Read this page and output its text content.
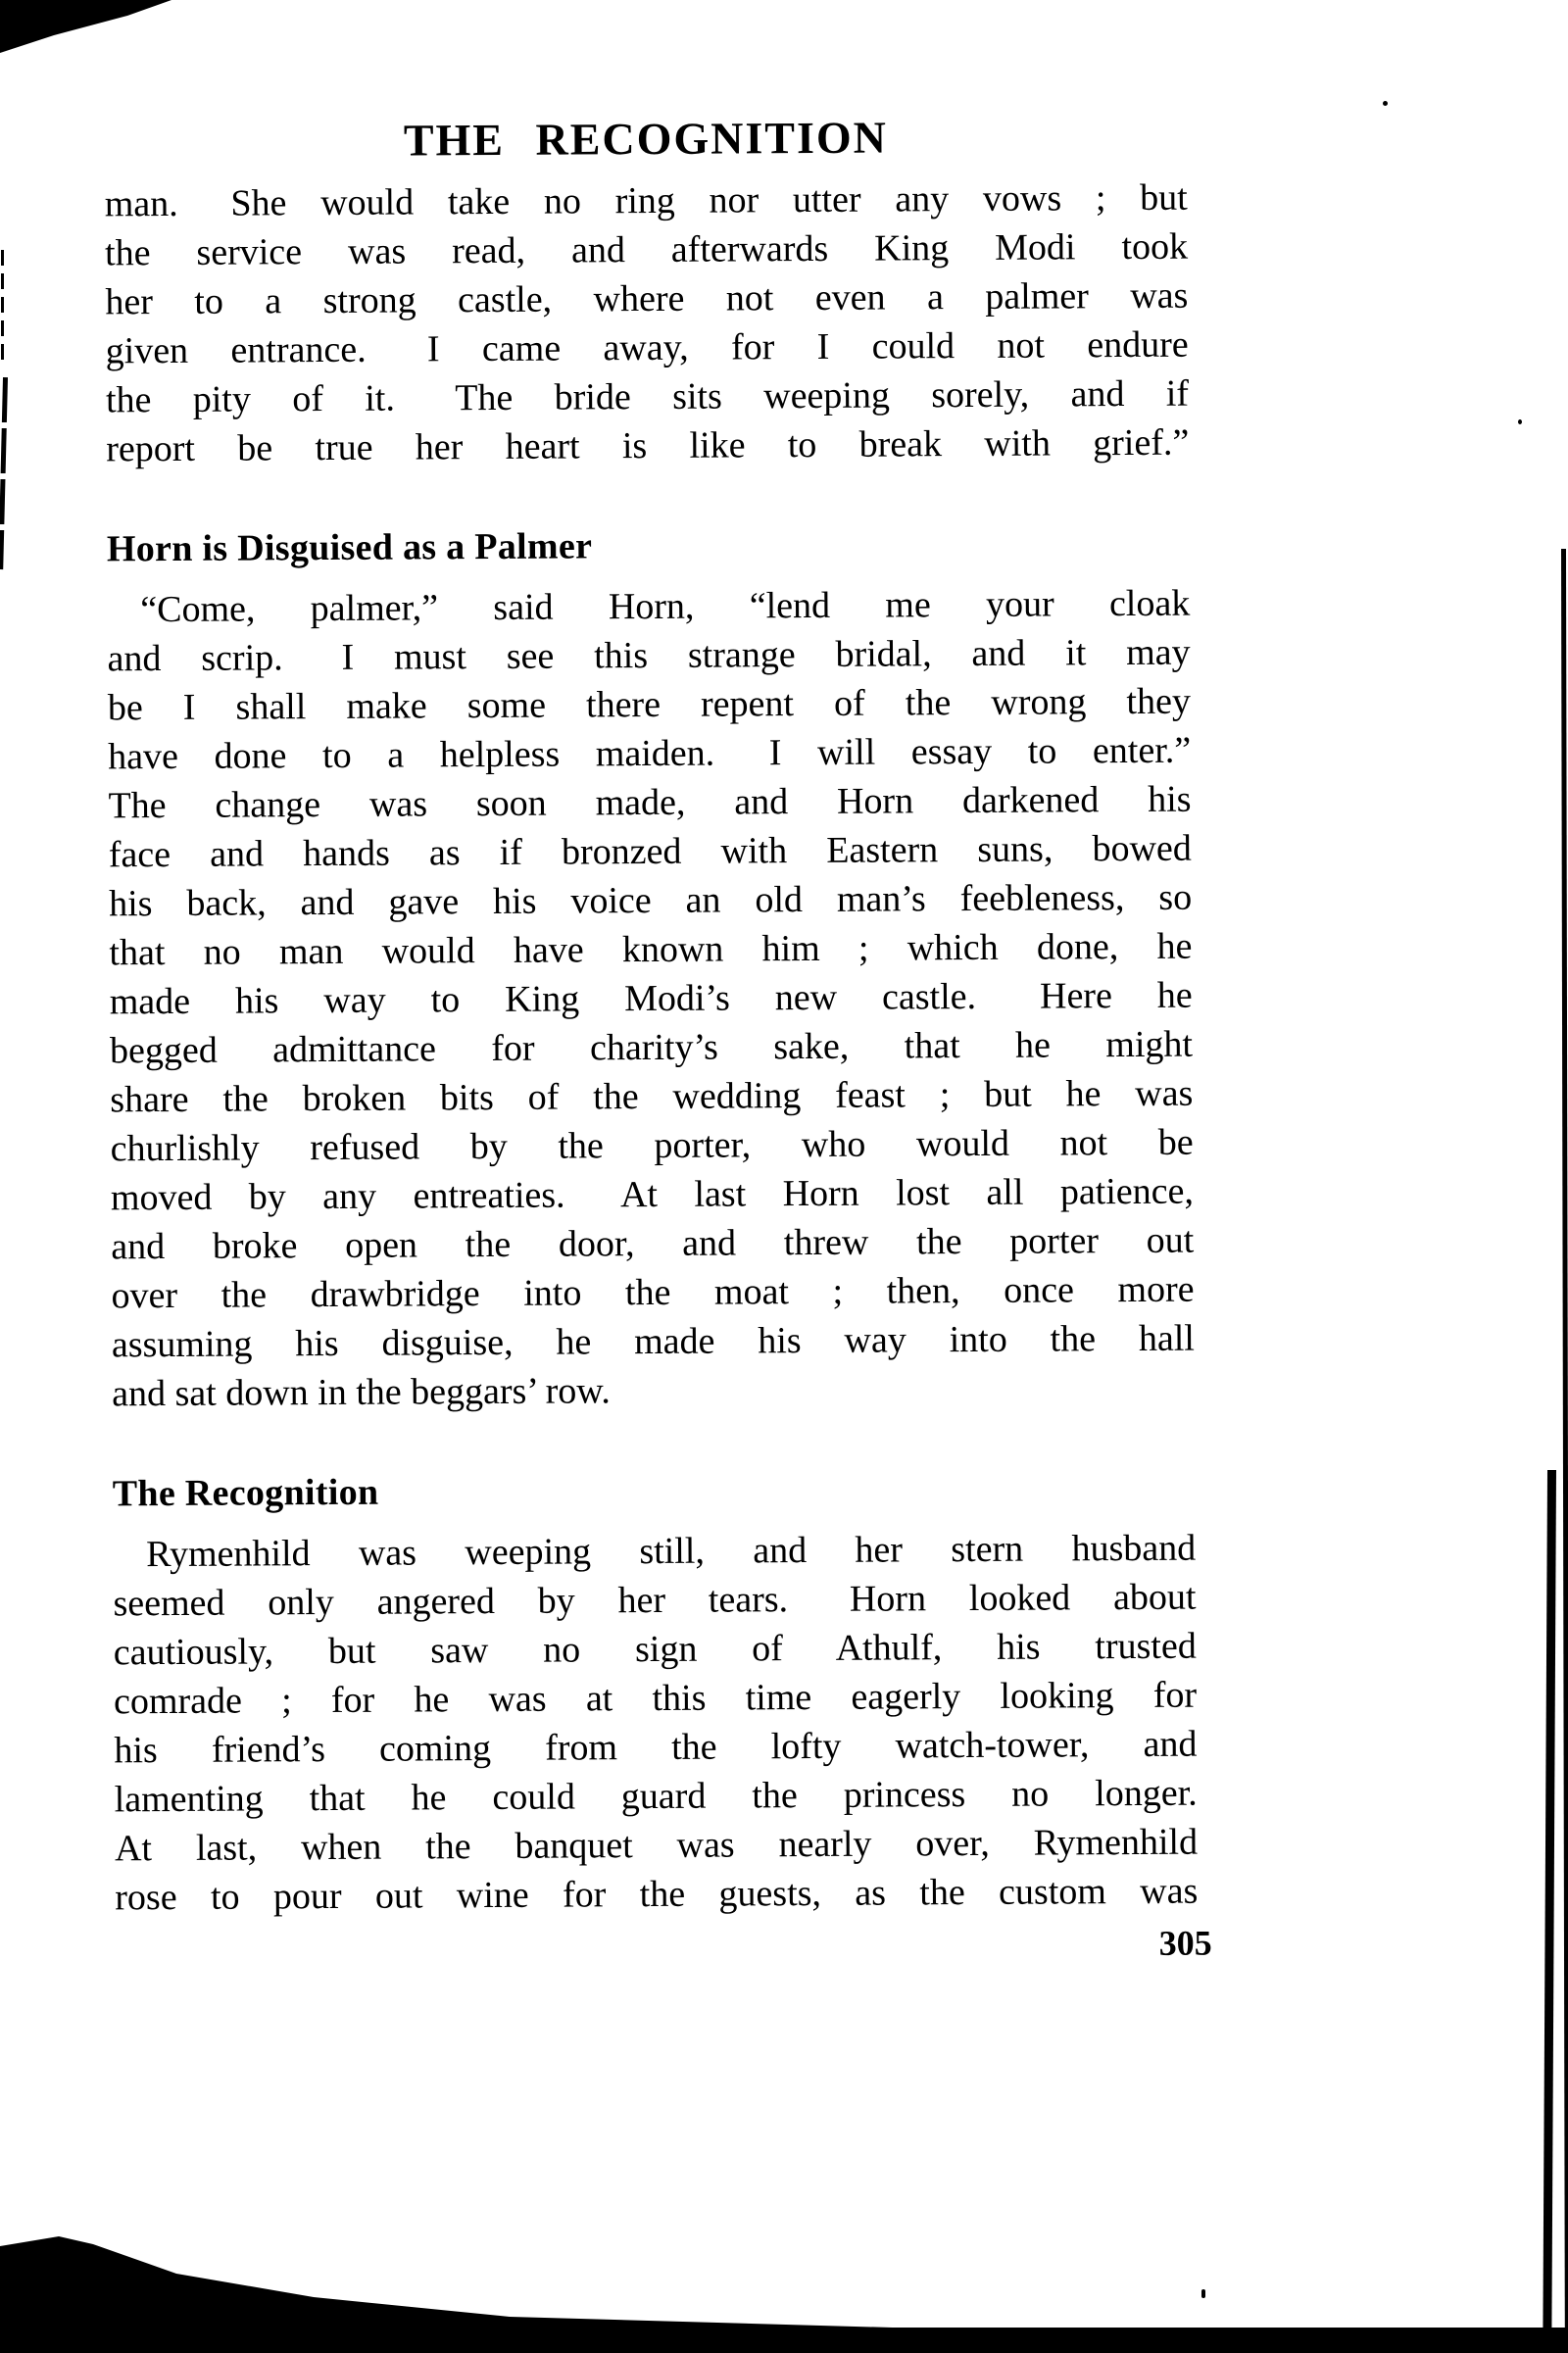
THE RECOGNITION
man.  She would take no ring nor utter any vows ; but
the service was read, and afterwards King Modi took
her to a strong castle, where not even a palmer was
given entrance.  I came away, for I could not endure
the pity of it.  The bride sits weeping sorely, and if
report be true her heart is like to break with grief.”
Horn is Disguised as a Palmer
“Come, palmer,” said Horn, “lend me your cloak
and scrip.  I must see this strange bridal, and it may
be I shall make some there repent of the wrong they
have done to a helpless maiden.  I will essay to enter.”
The change was soon made, and Horn darkened his
face and hands as if bronzed with Eastern suns, bowed
his back, and gave his voice an old man’s feebleness, so
that no man would have known him ; which done, he
made his way to King Modi’s new castle.  Here he
begged admittance for charity’s sake, that he might
share the broken bits of the wedding feast ; but he was
churlishly refused by the porter, who would not be
moved by any entreaties.  At last Horn lost all patience,
and broke open the door, and threw the porter out
over the drawbridge into the moat ; then, once more
assuming his disguise, he made his way into the hall
and sat down in the beggars’ row.
The Recognition
Rymenhild was weeping still, and her stern husband
seemed only angered by her tears.  Horn looked about
cautiously, but saw no sign of Athulf, his trusted
comrade ; for he was at this time eagerly looking for
his friend’s coming from the lofty watch-tower, and
lamenting that he could guard the princess no longer.
At last, when the banquet was nearly over, Rymenhild
rose to pour out wine for the guests, as the custom was
305
